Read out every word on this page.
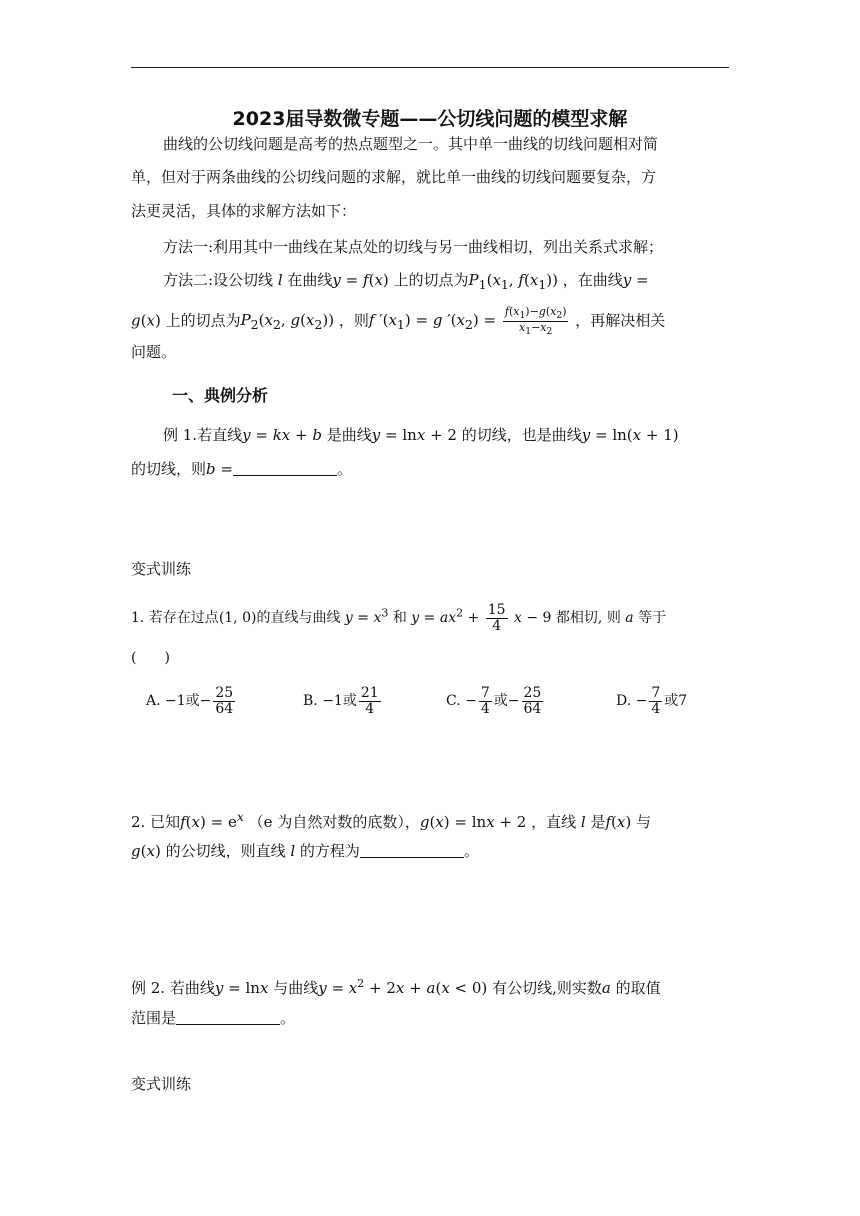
2023届导数微专题——公切线问题的模型求解
曲线的公切线问题是高考的热点题型之一。其中单一曲线的切线问题相对简
单，但对于两条曲线的公切线问题的求解，就比单一曲线的切线问题要复杂，方
法更灵活，具体的求解方法如下：
方法一:利用其中一曲线在某点处的切线与另一曲线相切，列出关系式求解；
方法二:设公切线 l 在曲线y = f(x) 上的切点为$P_1(x_1$, $f(x_1)$) ，在曲线y =
g(x) 上的切点为$P_2(x_2$, $g(x_2)$) ，则f $'(x_1) = g$ $'(x_2) = \frac{f(x_1)-g(x_2)}{x_1-x_2}$ ，再解决相关
问题。
一、典例分析
例 1.若直线y = kx + b 是曲线y = lnx + 2 的切线，也是曲线y = ln(x + 1)
的切线，则b =	。
变式训练
1. 若存在过点(1, 0)的直线与曲线 $y = x^3$ 和 $y = ax^2 + \frac{15}{4}$ x − 9 都相切, 则 a 等于
(　　)
A. −1或− $\frac{25}{64}$	B. −1或 $\frac{21}{4}$	C. − $\frac{7}{4}$ 或− $\frac{25}{64}$	D. − $\frac{7}{4}$ 或7
2. 已知$f(x) = e^x$ （e 为自然对数的底数），g(x) = lnx + 2 ，直线 l 是f(x) 与
g(x) 的公切线，则直线 l 的方程为	。
例 2. 若曲线y = lnx 与曲线$y = x^2 + 2x + a(x < 0)$ 有公切线,则实数a 的取值
范围是	。
变式训练
